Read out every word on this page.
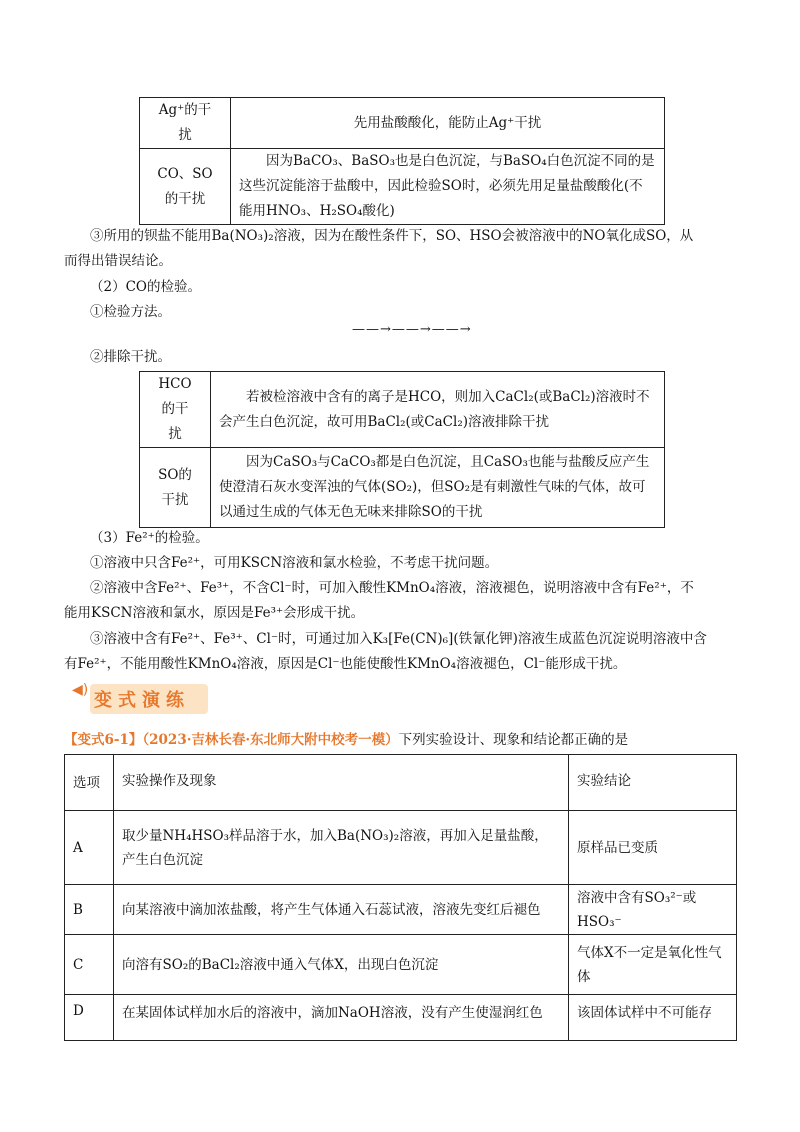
Ag⁺的干扰	先用盐酸酸化，能防止Ag⁺干扰
CO、SO的干扰	因为BaCO₃、BaSO₃也是白色沉淀，与BaSO₄白色沉淀不同的是这些沉淀能溶于盐酸中，因此检验SO时，必须先用足量盐酸酸化(不能用HNO₃、H₂SO₄酸化)
③所用的钡盐不能用Ba(NO₃)₂溶液，因为在酸性条件下，SO、HSO会被溶液中的NO氧化成SO，从
而得出错误结论。
（2）CO的检验。
①检验方法。
——→——→——→
②排除干扰。
HCO的干扰	若被检溶液中含有的离子是HCO，则加入CaCl₂(或BaCl₂)溶液时不会产生白色沉淀，故可用BaCl₂(或CaCl₂)溶液排除干扰
SO的干扰	因为CaSO₃与CaCO₃都是白色沉淀，且CaSO₃也能与盐酸反应产生使澄清石灰水变浑浊的气体(SO₂)，但SO₂是有刺激性气味的气体，故可以通过生成的气体无色无味来排除SO的干扰
（3）Fe²⁺的检验。
①溶液中只含Fe²⁺，可用KSCN溶液和氯水检验，不考虑干扰问题。
②溶液中含Fe²⁺、Fe³⁺，不含Cl⁻时，可加入酸性KMnO₄溶液，溶液褪色，说明溶液中含有Fe²⁺，不
能用KSCN溶液和氯水，原因是Fe³⁺会形成干扰。
③溶液中含有Fe²⁺、Fe³⁺、Cl⁻时，可通过加入K₃[Fe(CN)₆](铁氰化钾)溶液生成蓝色沉淀说明溶液中含
有Fe²⁺，不能用酸性KMnO₄溶液，原因是Cl⁻也能使酸性KMnO₄溶液褪色，Cl⁻能形成干扰。
◀) 变式演练
【变式6-1】（2023·吉林长春·东北师大附中校考一模）下列实验设计、现象和结论都正确的是
选项	实验操作及现象	实验结论
A	取少量NH₄HSO₃样品溶于水，加入Ba(NO₃)₂溶液，再加入足量盐酸，产生白色沉淀	原样品已变质
B	向某溶液中滴加浓盐酸，将产生气体通入石蕊试液，溶液先变红后褪色	溶液中含有SO₃²⁻或HSO₃⁻
C	向溶有SO₂的BaCl₂溶液中通入气体X，出现白色沉淀	气体X不一定是氧化性气体
D	在某固体试样加水后的溶液中，滴加NaOH溶液，没有产生使湿润红色	该固体试样中不可能存
